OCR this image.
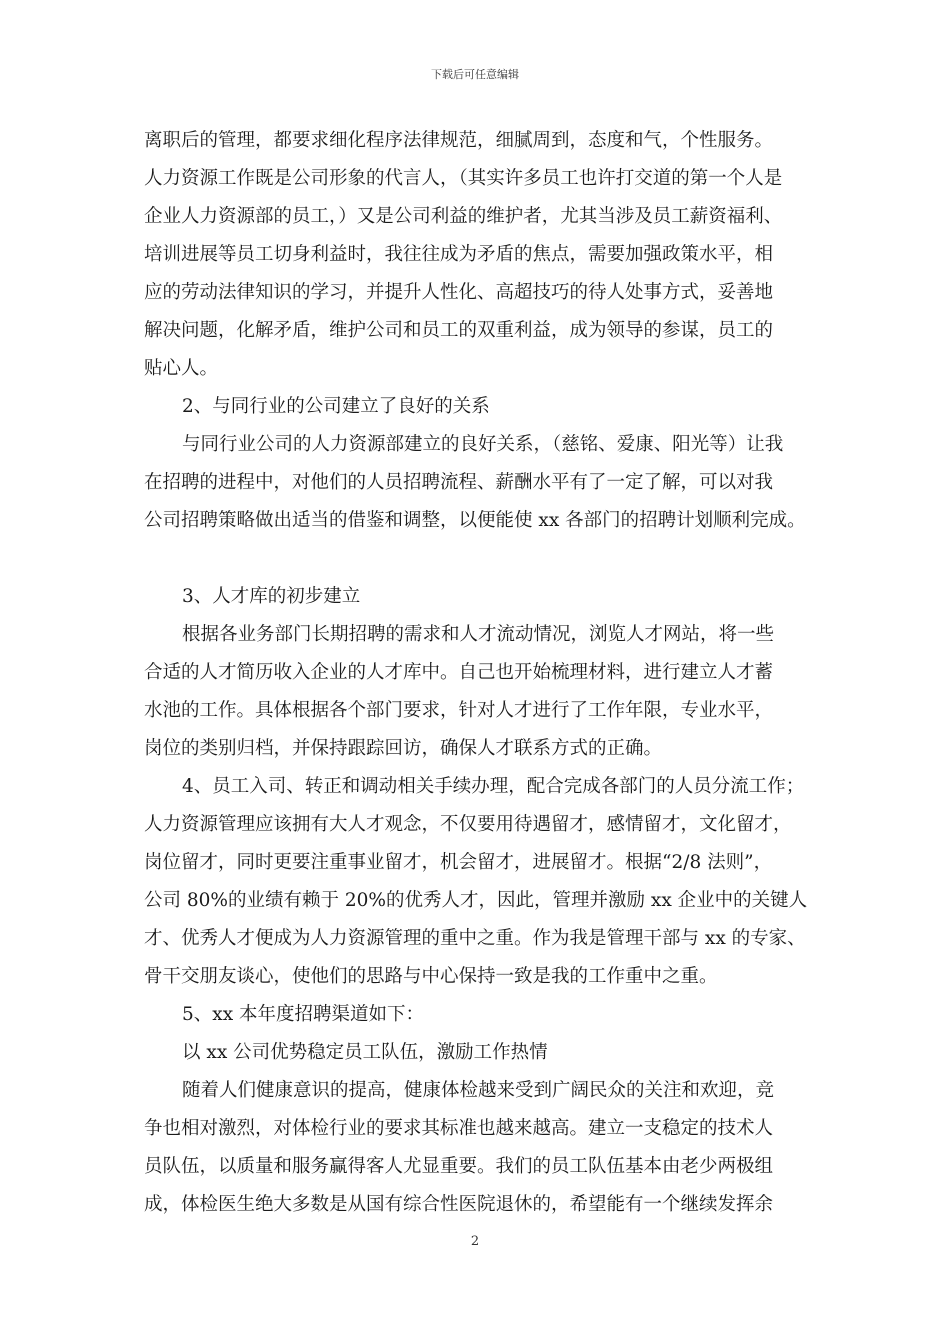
下载后可任意编辑
离职后的管理，都要求细化程序法律规范，细腻周到，态度和气，个性服务。
人力资源工作既是公司形象的代言人，（其实许多员工也许打交道的第一个人是
企业人力资源部的员工，）又是公司利益的维护者，尤其当涉及员工薪资福利、
培训进展等员工切身利益时，我往往成为矛盾的焦点，需要加强政策水平，相
应的劳动法律知识的学习，并提升人性化、高超技巧的待人处事方式，妥善地
解决问题，化解矛盾，维护公司和员工的双重利益，成为领导的参谋，员工的
贴心人。
2、与同行业的公司建立了良好的关系
与同行业公司的人力资源部建立的良好关系，（慈铭、爱康、阳光等）让我
在招聘的进程中，对他们的人员招聘流程、薪酬水平有了一定了解，可以对我
公司招聘策略做出适当的借鉴和调整，以便能使 xx 各部门的招聘计划顺利完成。
3、人才库的初步建立
根据各业务部门长期招聘的需求和人才流动情况，浏览人才网站，将一些
合适的人才简历收入企业的人才库中。自己也开始梳理材料，进行建立人才蓄
水池的工作。具体根据各个部门要求，针对人才进行了工作年限，专业水平，
岗位的类别归档，并保持跟踪回访，确保人才联系方式的正确。
4、员工入司、转正和调动相关手续办理，配合完成各部门的人员分流工作；
人力资源管理应该拥有大人才观念，不仅要用待遇留才，感情留才，文化留才，
岗位留才，同时更要注重事业留才，机会留才，进展留才。根据“2/8 法则”，
公司 80%的业绩有赖于 20%的优秀人才，因此，管理并激励 xx 企业中的关键人
才、优秀人才便成为人力资源管理的重中之重。作为我是管理干部与 xx 的专家、
骨干交朋友谈心，使他们的思路与中心保持一致是我的工作重中之重。
5、xx 本年度招聘渠道如下：
以 xx 公司优势稳定员工队伍，激励工作热情
随着人们健康意识的提高，健康体检越来受到广阔民众的关注和欢迎，竞
争也相对激烈，对体检行业的要求其标准也越来越高。建立一支稳定的技术人
员队伍，以质量和服务赢得客人尤显重要。我们的员工队伍基本由老少两极组
成，体检医生绝大多数是从国有综合性医院退休的，希望能有一个继续发挥余
2
